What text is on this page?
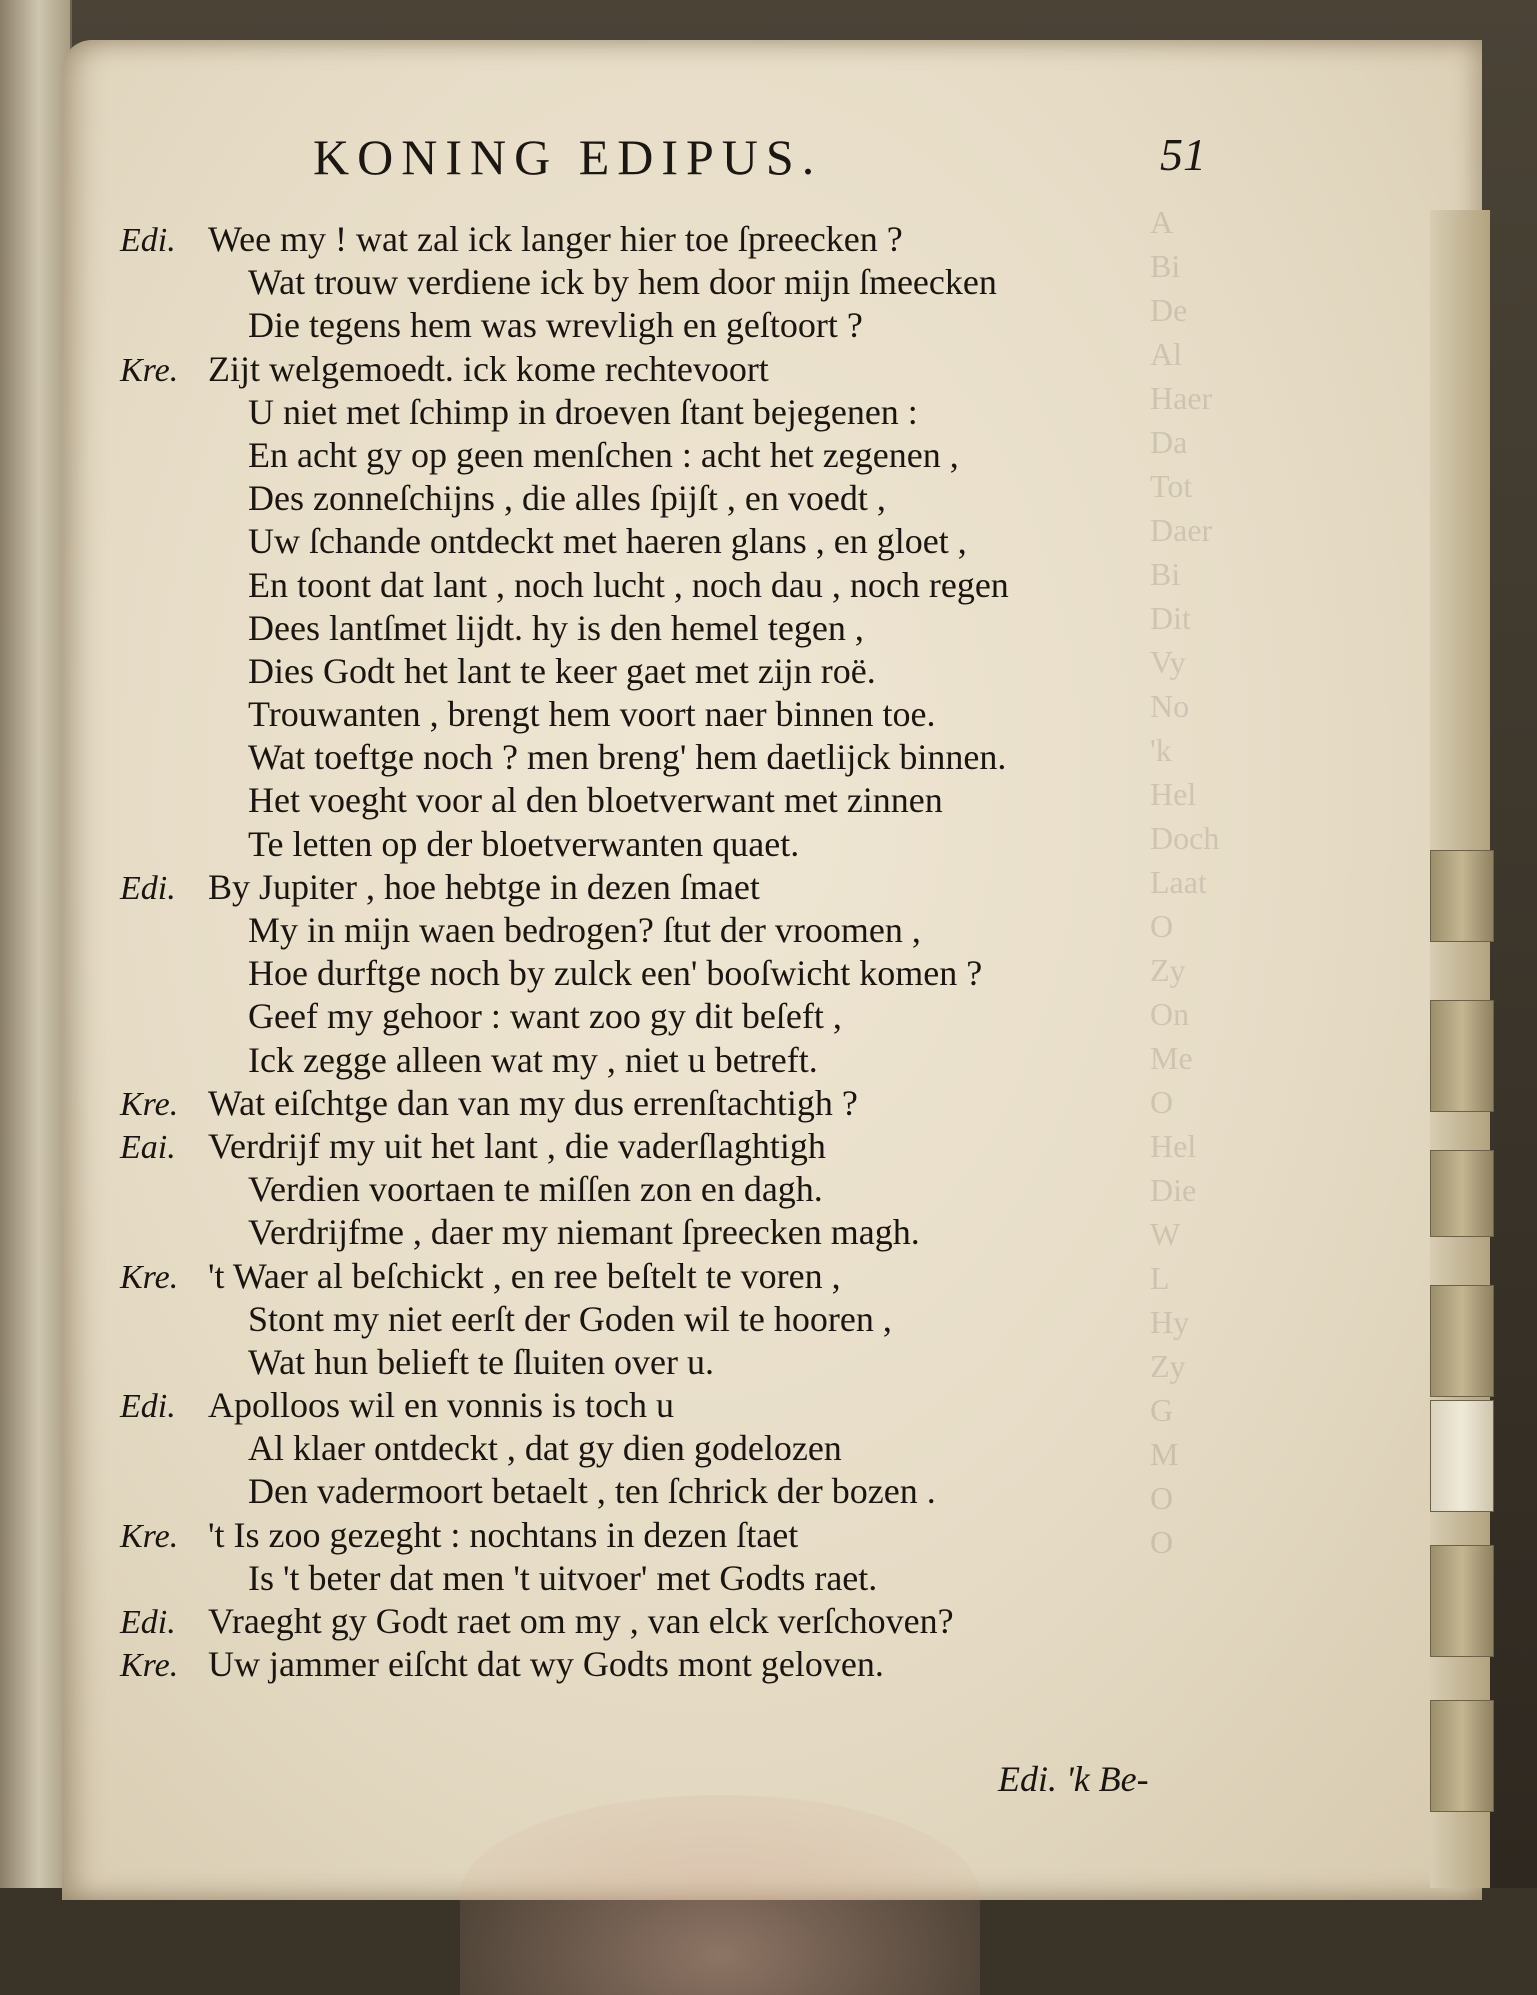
A
Bi
De
Al
Haer
Da
Tot
Daer
Bi
Dit
Vy
No
'k
Hel
Doch
Laat
O
Zy
On
Me
O
Hel
Die
W
L
Hy
Zy
G
M
O
O
KONING EDIPUS.	51
Edi. Wee my ! wat zal ick langer hier toe ſpreecken ?
Wat trouw verdiene ick by hem door mijn ſmeecken
Die tegens hem was wrevligh en geſtoort ?
Kre. Zijt welgemoedt. ick kome rechtevoort
U niet met ſchimp in droeven ſtant bejegenen :
En acht gy op geen menſchen : acht het zegenen ,
Des zonneſchijns , die alles ſpijſt , en voedt ,
Uw ſchande ontdeckt met haeren glans , en gloet ,
En toont dat lant , noch lucht , noch dau , noch regen
Dees lantſmet lijdt. hy is den hemel tegen ,
Dies Godt het lant te keer gaet met zijn roë.
Trouwanten , brengt hem voort naer binnen toe.
Wat toeftge noch ? men breng' hem daetlijck binnen.
Het voeght voor al den bloetverwant met zinnen
Te letten op der bloetverwanten quaet.
Edi. By Jupiter , hoe hebtge in dezen ſmaet
My in mijn waen bedrogen? ſtut der vroomen ,
Hoe durftge noch by zulck een' booſwicht komen ?
Geef my gehoor : want zoo gy dit beſeft ,
Ick zegge alleen wat my , niet u betreft.
Kre. Wat eiſchtge dan van my dus errenſtachtigh ?
Eai. Verdrijf my uit het lant , die vaderſlaghtigh
Verdien voortaen te miſſen zon en dagh.
Verdrijfme , daer my niemant ſpreecken magh.
Kre. 't Waer al beſchickt , en ree beſtelt te voren ,
Stont my niet eerſt der Goden wil te hooren ,
Wat hun belieft te ſluiten over u.
Edi. Apolloos wil en vonnis is toch u
Al klaer ontdeckt , dat gy dien godelozen
Den vadermoort betaelt , ten ſchrick der bozen .
Kre. 't Is zoo gezeght : nochtans in dezen ſtaet
Is 't beter dat men 't uitvoer' met Godts raet.
Edi. Vraeght gy Godt raet om my , van elck verſchoven?
Kre. Uw jammer eiſcht dat wy Godts mont geloven.
Edi. 'k Be-
